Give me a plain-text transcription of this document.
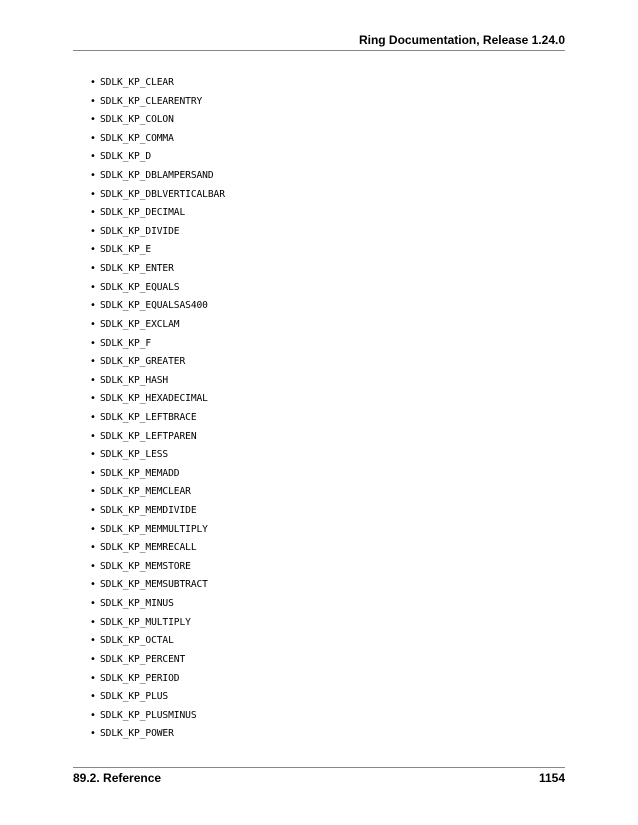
Ring Documentation, Release 1.24.0
• SDLK_KP_CLEAR
• SDLK_KP_CLEARENTRY
• SDLK_KP_COLON
• SDLK_KP_COMMA
• SDLK_KP_D
• SDLK_KP_DBLAMPERSAND
• SDLK_KP_DBLVERTICALBAR
• SDLK_KP_DECIMAL
• SDLK_KP_DIVIDE
• SDLK_KP_E
• SDLK_KP_ENTER
• SDLK_KP_EQUALS
• SDLK_KP_EQUALSAS400
• SDLK_KP_EXCLAM
• SDLK_KP_F
• SDLK_KP_GREATER
• SDLK_KP_HASH
• SDLK_KP_HEXADECIMAL
• SDLK_KP_LEFTBRACE
• SDLK_KP_LEFTPAREN
• SDLK_KP_LESS
• SDLK_KP_MEMADD
• SDLK_KP_MEMCLEAR
• SDLK_KP_MEMDIVIDE
• SDLK_KP_MEMMULTIPLY
• SDLK_KP_MEMRECALL
• SDLK_KP_MEMSTORE
• SDLK_KP_MEMSUBTRACT
• SDLK_KP_MINUS
• SDLK_KP_MULTIPLY
• SDLK_KP_OCTAL
• SDLK_KP_PERCENT
• SDLK_KP_PERIOD
• SDLK_KP_PLUS
• SDLK_KP_PLUSMINUS
• SDLK_KP_POWER
89.2. Reference	1154
